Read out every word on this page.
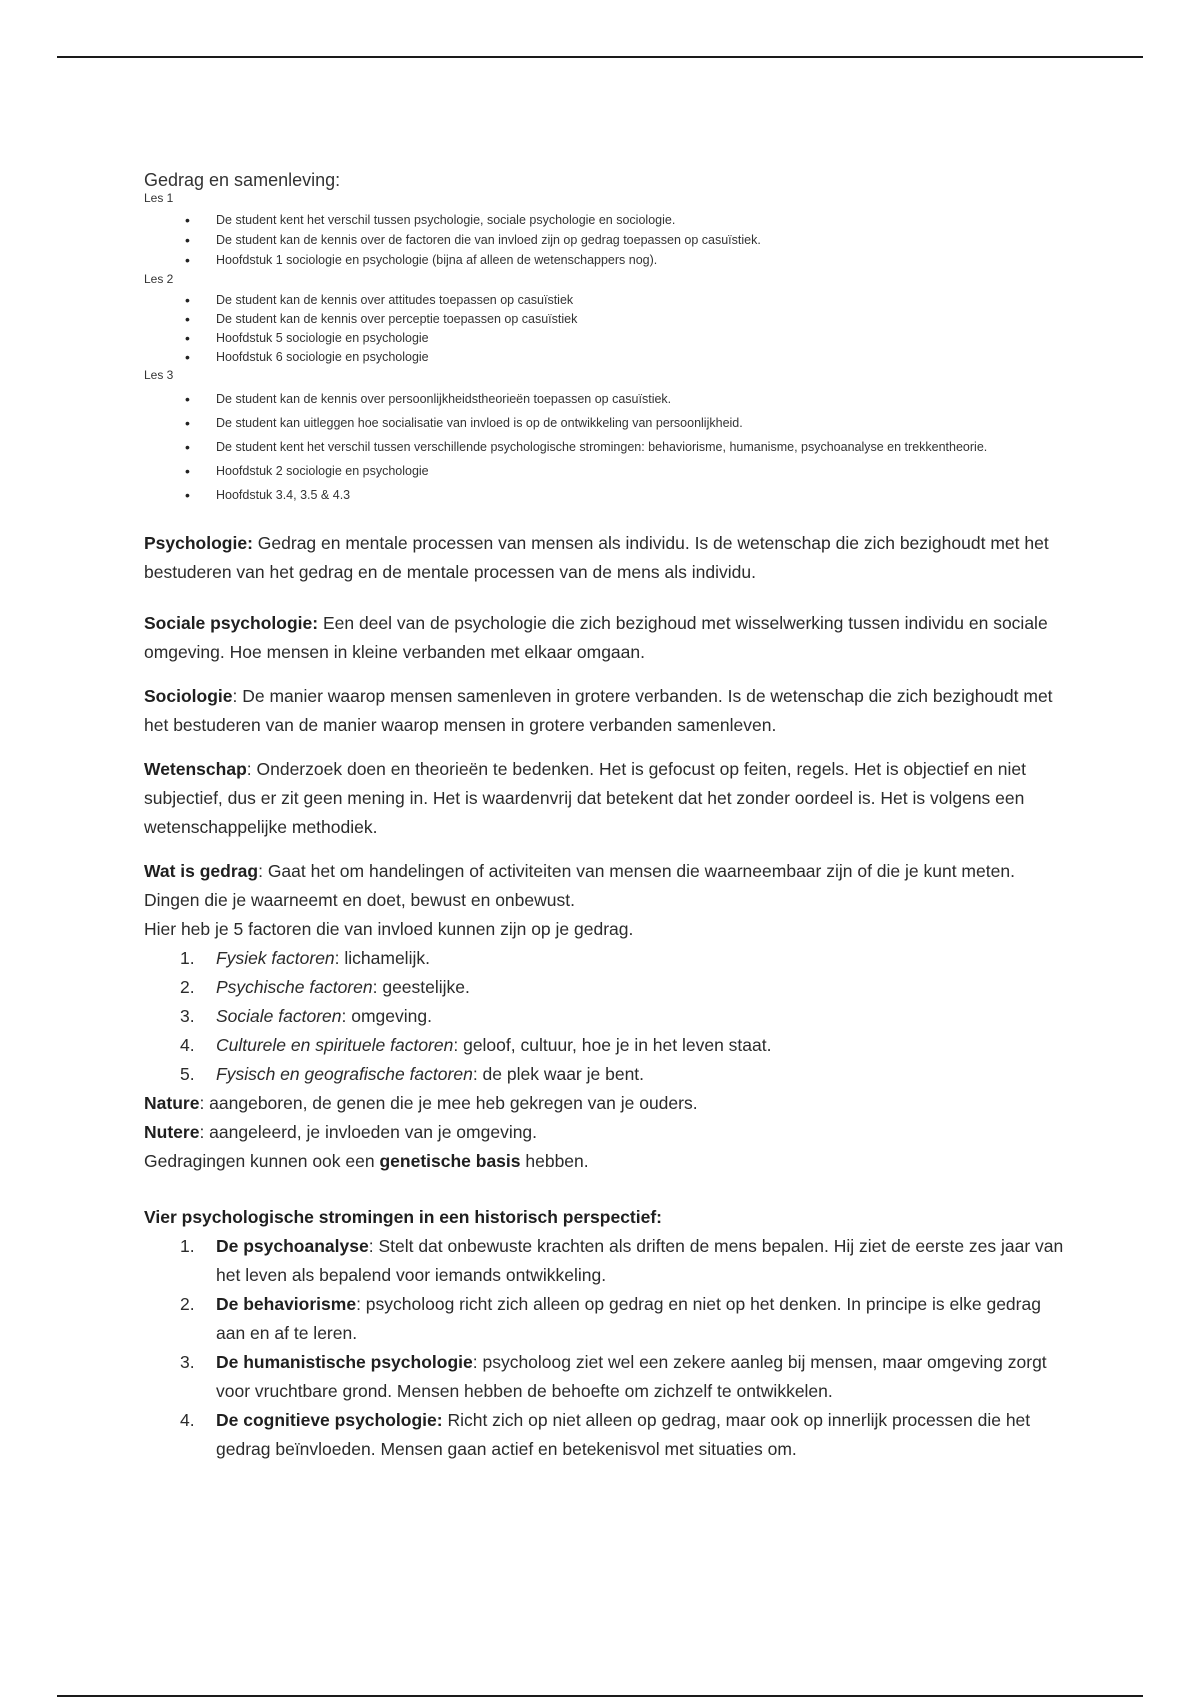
Gedrag en samenleving:

Les 1
• De student kent het verschil tussen psychologie, sociale psychologie en sociologie.
• De student kan de kennis over de factoren die van invloed zijn op gedrag toepassen op casuïstiek.
• Hoofdstuk 1 sociologie en psychologie (bijna af alleen de wetenschappers nog).
Les 2
• De student kan de kennis over attitudes toepassen op casuïstiek
• De student kan de kennis over perceptie toepassen op casuïstiek
• Hoofdstuk 5 sociologie en psychologie
• Hoofdstuk 6 sociologie en psychologie
Les 3
• De student kan de kennis over persoonlijkheidstheorieën toepassen op casuïstiek.
• De student kan uitleggen hoe socialisatie van invloed is op de ontwikkeling van persoonlijkheid.
• De student kent het verschil tussen verschillende psychologische stromingen: behaviorisme, humanisme, psychoanalyse en trekkentheorie.
• Hoofdstuk 2 sociologie en psychologie
• Hoofdstuk 3.4, 3.5 & 4.3

Psychologie: Gedrag en mentale processen van mensen als individu. Is de wetenschap die zich bezighoudt met het bestuderen van het gedrag en de mentale processen van de mens als individu.

Sociale psychologie: Een deel van de psychologie die zich bezighoud met wisselwerking tussen individu en sociale omgeving. Hoe mensen in kleine verbanden met elkaar omgaan.

Sociologie: De manier waarop mensen samenleven in grotere verbanden. Is de wetenschap die zich bezighoudt met het bestuderen van de manier waarop mensen in grotere verbanden samenleven.

Wetenschap: Onderzoek doen en theorieën te bedenken. Het is gefocust op feiten, regels. Het is objectief en niet subjectief, dus er zit geen mening in. Het is waardenvrij dat betekent dat het zonder oordeel is. Het is volgens een wetenschappelijke methodiek.

Wat is gedrag: Gaat het om handelingen of activiteiten van mensen die waarneembaar zijn of die je kunt meten. Dingen die je waarneemt en doet, bewust en onbewust.

Hier heb je 5 factoren die van invloed kunnen zijn op je gedrag.

1. Fysiek factoren: lichamelijk.
2. Psychische factoren: geestelijke.
3. Sociale factoren: omgeving.
4. Culturele en spirituele factoren: geloof, cultuur, hoe je in het leven staat.
5. Fysisch en geografische factoren: de plek waar je bent.

Nature: aangeboren, de genen die je mee heb gekregen van je ouders.

Nutere: aangeleerd, je invloeden van je omgeving.

Gedragingen kunnen ook een genetische basis hebben.

Vier psychologische stromingen in een historisch perspectief:

1. De psychoanalyse: Stelt dat onbewuste krachten als driften de mens bepalen. Hij ziet de eerste zes jaar van het leven als bepalend voor iemands ontwikkeling.
2. De behaviorisme: psycholoog richt zich alleen op gedrag en niet op het denken. In principe is elke gedrag aan en af te leren.
3. De humanistische psychologie: psycholoog ziet wel een zekere aanleg bij mensen, maar omgeving zorgt voor vruchtbare grond. Mensen hebben de behoefte om zichzelf te ontwikkelen.
4. De cognitieve psychologie: Richt zich op niet alleen op gedrag, maar ook op innerlijk processen die het gedrag beïnvloeden. Mensen gaan actief en betekenisvol met situaties om.
